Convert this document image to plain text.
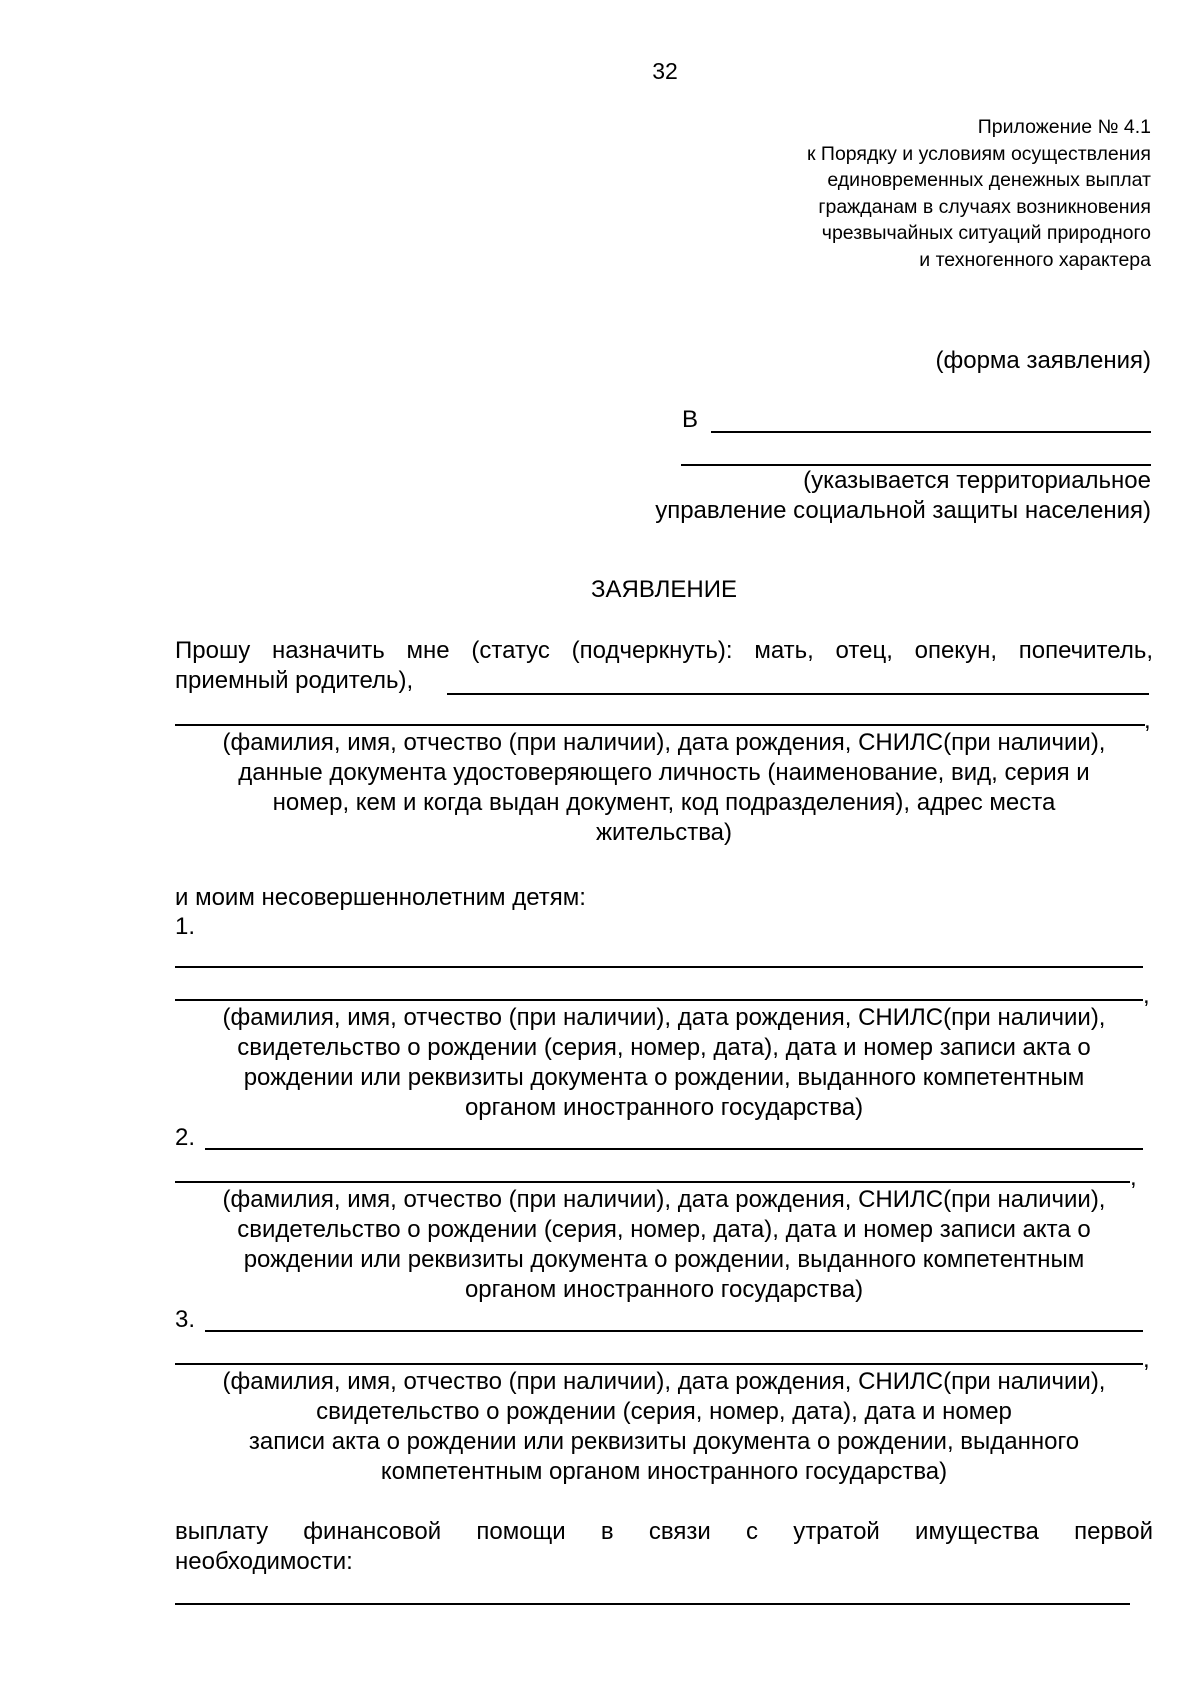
32
Приложение № 4.1
к Порядку и условиям осуществления
единовременных денежных выплат
гражданам в случаях возникновения
чрезвычайных ситуаций природного
и техногенного характера
(форма заявления)
В
(указывается территориальное
управление социальной защиты населения)
ЗАЯВЛЕНИЕ
Прошу назначить мне (статус (подчеркнуть): мать, отец, опекун, попечитель,
приемный родитель),
,
(фамилия, имя, отчество (при наличии), дата рождения, СНИЛС(при наличии),
данные документа удостоверяющего личность (наименование, вид, серия и
номер, кем и когда выдан документ, код подразделения), адрес места
жительства)
и моим несовершеннолетним детям:
1.
,
(фамилия, имя, отчество (при наличии), дата рождения, СНИЛС(при наличии),
свидетельство о рождении (серия, номер, дата), дата и номер записи акта о
рождении или реквизиты документа о рождении, выданного компетентным
органом иностранного государства)
2.
,
(фамилия, имя, отчество (при наличии), дата рождения, СНИЛС(при наличии),
свидетельство о рождении (серия, номер, дата), дата и номер записи акта о
рождении или реквизиты документа о рождении, выданного компетентным
органом иностранного государства)
3.
,
(фамилия, имя, отчество (при наличии), дата рождения, СНИЛС(при наличии),
свидетельство о рождении (серия, номер, дата), дата и номер
записи акта о рождении или реквизиты документа о рождении, выданного
компетентным органом иностранного государства)
выплату финансовой помощи в связи с утратой имущества первой
необходимости:
